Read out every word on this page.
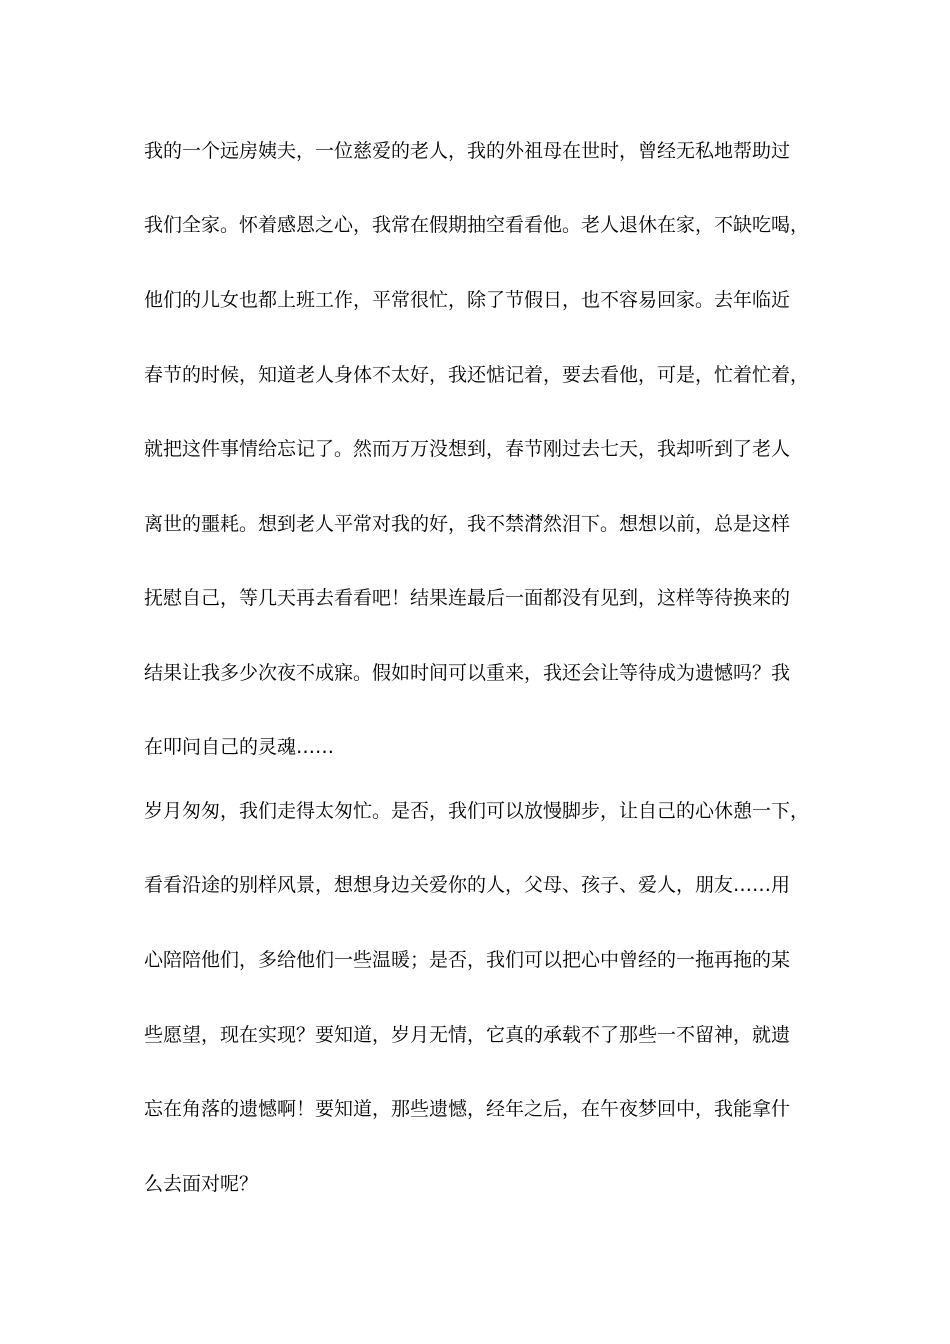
我的一个远房姨夫，一位慈爱的老人，我的外祖母在世时，曾经无私地帮助过
我们全家。怀着感恩之心，我常在假期抽空看看他。老人退休在家，不缺吃喝，
他们的儿女也都上班工作，平常很忙，除了节假日，也不容易回家。去年临近
春节的时候，知道老人身体不太好，我还惦记着，要去看他，可是，忙着忙着，
就把这件事情给忘记了。然而万万没想到，春节刚过去七天，我却听到了老人
离世的噩耗。想到老人平常对我的好，我不禁潸然泪下。想想以前，总是这样
抚慰自己，等几天再去看看吧！结果连最后一面都没有见到，这样等待换来的
结果让我多少次夜不成寐。假如时间可以重来，我还会让等待成为遗憾吗？我
在叩问自己的灵魂……
岁月匆匆，我们走得太匆忙。是否，我们可以放慢脚步，让自己的心休憩一下，
看看沿途的别样风景，想想身边关爱你的人，父母、孩子、爱人，朋友……用
心陪陪他们，多给他们一些温暖；是否，我们可以把心中曾经的一拖再拖的某
些愿望，现在实现？要知道，岁月无情，它真的承载不了那些一不留神，就遗
忘在角落的遗憾啊！要知道，那些遗憾，经年之后，在午夜梦回中，我能拿什
么去面对呢？
